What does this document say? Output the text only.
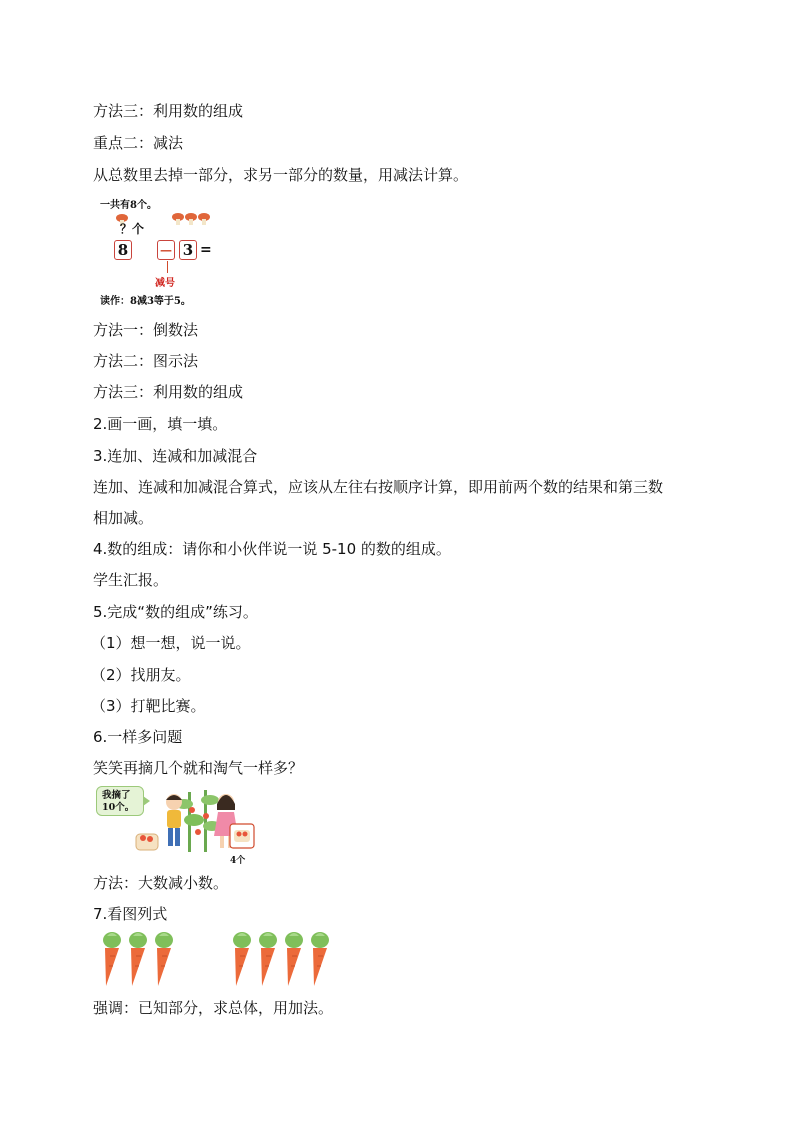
方法三：利用数的组成
重点二：减法
从总数里去掉一部分，求另一部分的数量，用减法计算。
一共有8个。
？个
8	— 3 =
减号
读作：8减3等于5。
方法一：倒数法
方法二：图示法
方法三：利用数的组成
2.画一画，填一填。
3.连加、连减和加减混合
连加、连减和加减混合算式，应该从左往右按顺序计算，即用前两个数的结果和第三数
相加减。
4.数的组成：请你和小伙伴说一说 5-10 的数的组成。
学生汇报。
5.完成“数的组成”练习。
（1）想一想，说一说。
（2）找朋友。
（3）打靶比赛。
6.一样多问题
笑笑再摘几个就和淘气一样多？
我摘了
10个。
4个
方法：大数减小数。
7.看图列式
强调：已知部分，求总体，用加法。
